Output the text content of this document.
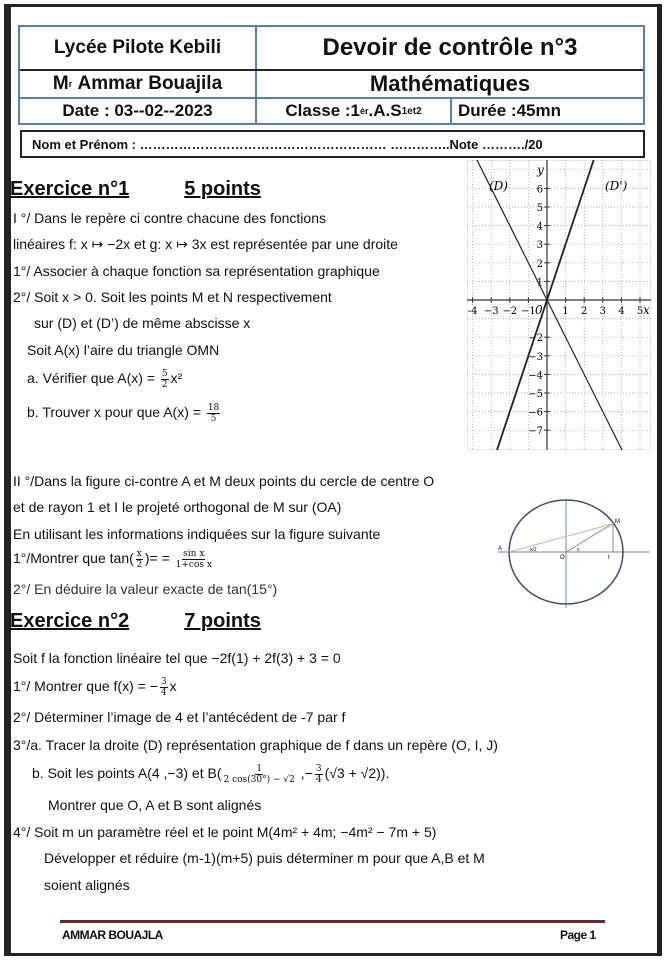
Lycée Pilote Kebili	Devoir de contrôle n°3
M r
Ammar Bouajila	Mathématiques
Date : 03--02--2023	Classe :1 èr .A.S 1et2	Durée :45mn
Nom et Prénom : ………………………………………………… …………..Note ………./20
Exercice n°1	5 points
I °/ Dans le repère ci contre chacune des fonctions
linéaires f: x ↦ −2x et g: x ↦ 3x est représentée par une droite
1°/ Associer à chaque fonction sa représentation graphique
2°/ Soit x > 0. Soit les points M et N respectivement
sur (D) et (D’) de même abscisse x
Soit A(x) l’aire du triangle OMN
a. Vérifier que $A(x) = \frac{5}{2} x^2$
b. Trouver x pour que $A(x) = \frac{18}{5}$
-4 −3 −2 −1	1 2 3 4 5
6
5
4
3
2
1
−2
−3
−4
−5
−6
−7
(D)	(D')
y
x
0
II °/Dans la figure ci-contre A et M deux points du cercle de centre O
et de rayon 1 et I le projeté orthogonal de M sur (OA)
En utilisant les informations indiquées sur la figure suivante
1°/Montrer que $\tan( \frac{x}{2}$ )= = $\frac{\text{sin x}}{\text{1+cos x}}$
2°/ En déduire la valeur exacte de tan(15°)
A
M
O	I
x
x/2
Exercice n°2	7 points
Soit f la fonction linéaire tel que −2f(1) + 2f(3) + 3 = 0
1°/ Montrer que f(x) = − $\frac{3}{4}$ x
2°/ Déterminer l’image de 4 et l’antécédent de -7 par f
3°/a. Tracer la droite (D) représentation graphique de f dans un repère (O, I, J)
b. Soit les points A(4 ,−3) et $B( \frac{1}{2 \cos(30^\circ) - √2}$ ,− $\frac{3}{4} (√3 + √2)$).
Montrer que O, A et B sont alignés
4°/ Soit m un paramètre réel et le point M(4m² + 4m; −4m² − 7m + 5)
Développer et réduire (m-1)(m+5) puis déterminer m pour que A,B et M
soient alignés
AMMAR BOUAJLA	Page 1
